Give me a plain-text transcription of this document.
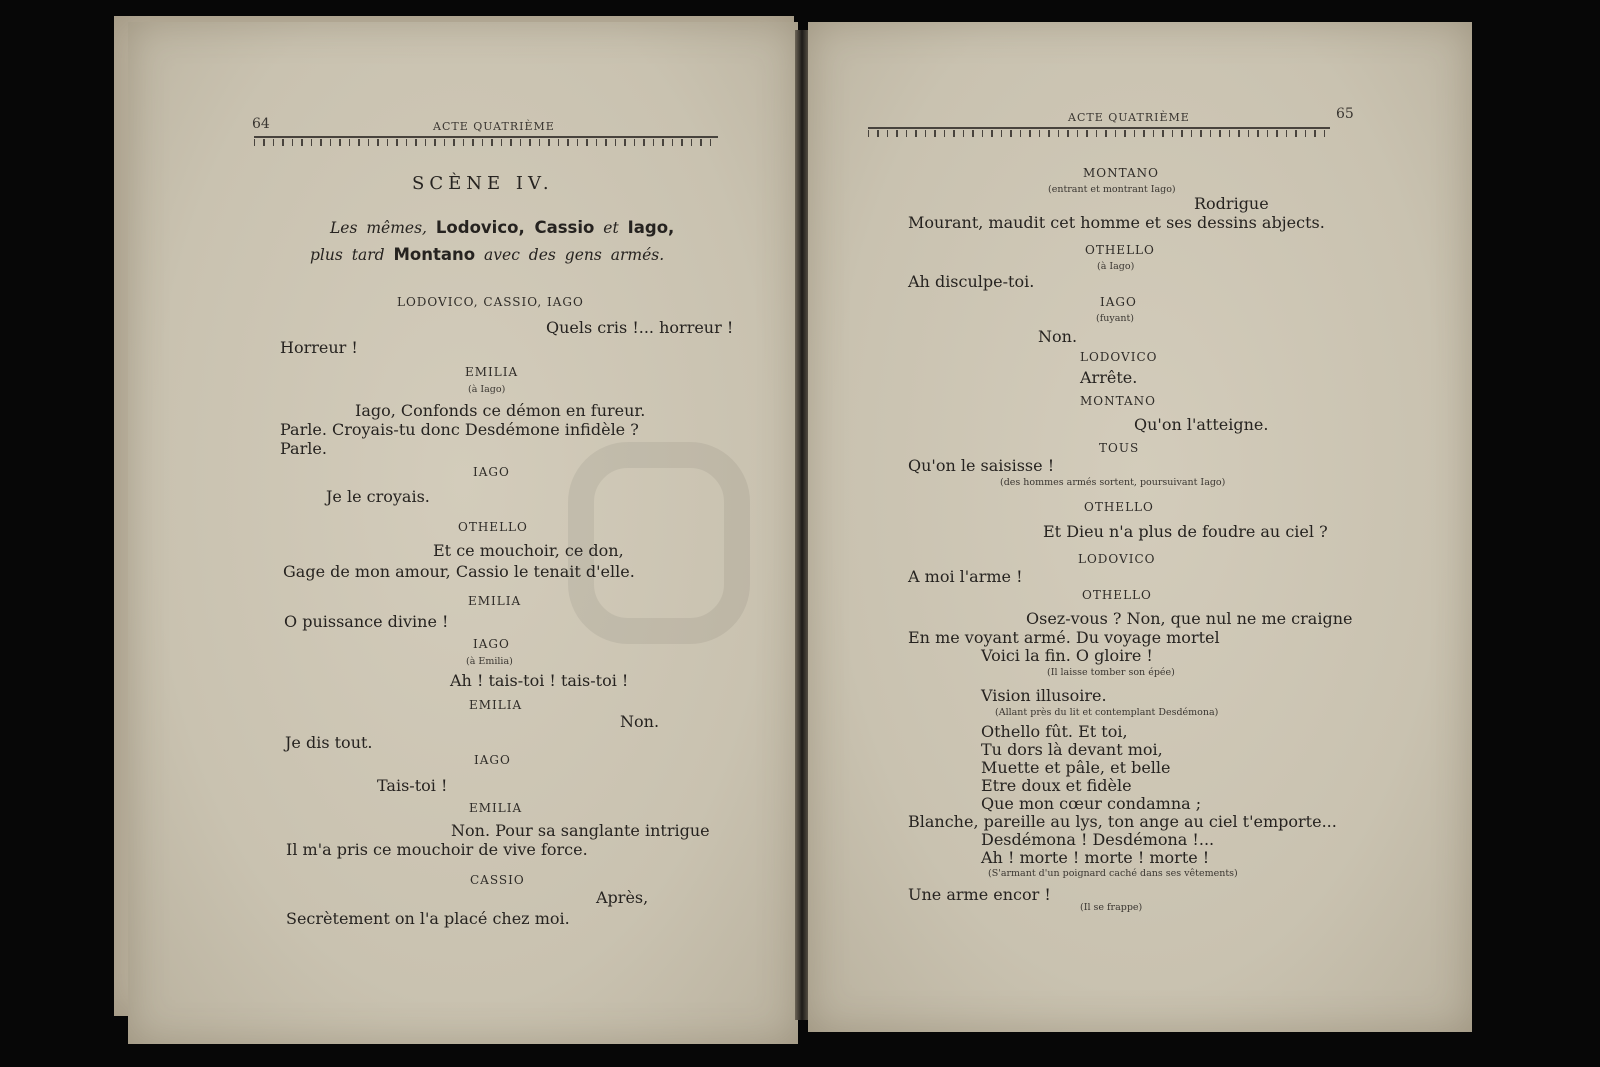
64	ACTE QUATRIÈME
SCÈNE IV.
Les mêmes, Lodovico, Cassio et Iago,
plus tard Montano avec des gens armés.
LODOVICO, CASSIO, IAGO
Quels cris !... horreur !
Horreur !
EMILIA
(à Iago)
Iago, Confonds ce démon en fureur.
Parle. Croyais-tu donc Desdémone infidèle ?
Parle.
IAGO
Je le croyais.
OTHELLO
Et ce mouchoir, ce don,
Gage de mon amour, Cassio le tenait d'elle.
EMILIA
O puissance divine !
IAGO
(à Emilia)
Ah ! tais-toi ! tais-toi !
EMILIA
Non.
Je dis tout.
IAGO
Tais-toi !
EMILIA
Non. Pour sa sanglante intrigue
Il m'a pris ce mouchoir de vive force.
CASSIO
Après,
Secrètement on l'a placé chez moi.
ACTE QUATRIÈME	65
MONTANO
(entrant et montrant Iago)
Rodrigue
Mourant, maudit cet homme et ses dessins abjects.
OTHELLO
(à Iago)
Ah disculpe-toi.
IAGO
(fuyant)
Non.
LODOVICO
Arrête.
MONTANO
Qu'on l'atteigne.
TOUS
Qu'on le saisisse !
(des hommes armés sortent, poursuivant Iago)
OTHELLO
Et Dieu n'a plus de foudre au ciel ?
LODOVICO
A moi l'arme !
OTHELLO
Osez-vous ? Non, que nul ne me craigne
En me voyant armé. Du voyage mortel
Voici la fin. O gloire !
(Il laisse tomber son épée)
Vision illusoire.
(Allant près du lit et contemplant Desdémona)
Othello fût. Et toi,
Tu dors là devant moi,
Muette et pâle, et belle
Etre doux et fidèle
Que mon cœur condamna ;
Blanche, pareille au lys, ton ange au ciel t'emporte...
Desdémona ! Desdémona !...
Ah ! morte ! morte ! morte !
(S'armant d'un poignard caché dans ses vêtements)
Une arme encor !
(Il se frappe)
